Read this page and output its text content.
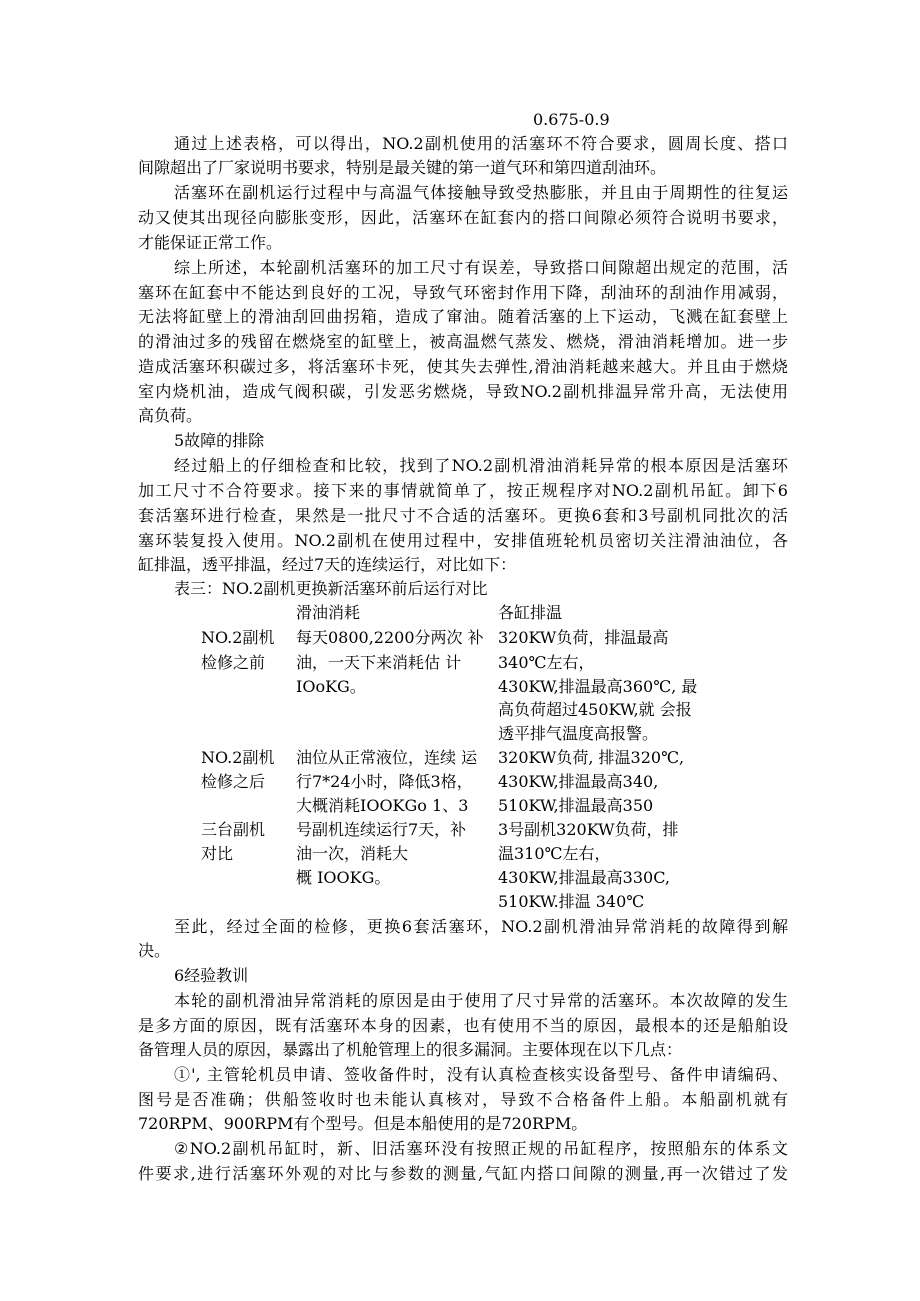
0.675-0.9
通过上述表格，可以得出，NO.2副机使用的活塞环不符合要求，圆周长度、搭口
间隙超出了厂家说明书要求，特别是最关键的第一道气环和第四道刮油环。
活塞环在副机运行过程中与高温气体接触导致受热膨胀，并且由于周期性的往复运
动又使其出现径向膨胀变形，因此，活塞环在缸套内的搭口间隙必须符合说明书要求，
才能保证正常工作。
综上所述，本轮副机活塞环的加工尺寸有误差，导致搭口间隙超出规定的范围，活
塞环在缸套中不能达到良好的工况，导致气环密封作用下降，刮油环的刮油作用减弱，
无法将缸壁上的滑油刮回曲拐箱，造成了窜油。随着活塞的上下运动，飞溅在缸套壁上
的滑油过多的残留在燃烧室的缸壁上，被高温燃气蒸发、燃烧，滑油消耗增加。进一步
造成活塞环积碳过多，将活塞环卡死，使其失去弹性,滑油消耗越来越大。并且由于燃烧
室内烧机油，造成气阀积碳，引发恶劣燃烧，导致NO.2副机排温异常升高，无法使用
高负荷。
5故障的排除
经过船上的仔细检查和比较，找到了NO.2副机滑油消耗异常的根本原因是活塞环
加工尺寸不合符要求。接下来的事情就简单了，按正规程序对NO.2副机吊缸。卸下6
套活塞环进行检查，果然是一批尺寸不合适的活塞环。更换6套和3号副机同批次的活
塞环装复投入使用。NO.2副机在使用过程中，安排值班轮机员密切关注滑油油位，各
缸排温，透平排温，经过7天的连续运行，对比如下：
表三：NO.2副机更换新活塞环前后运行对比
滑油消耗	各缸排温
NO.2副机
检修之前
NO.2副机
检修之后
三台副机
对比
每天0800,2200分两次 补
油，一天下来消耗估 计
IOoKG。
油位从正常液位，连续 运
行7*24小时，降低3格，
大概消耗IOOKGo 1、3
号副机连续运行7天，补
油一次，消耗大
概 IOOKG。
320KW负荷，排温最高
340℃左右，
430KW,排温最高360℃, 最
高负荷超过450KW,就 会报
透平排气温度高报警。
320KW负荷, 排温320℃,
430KW,排温最高340,
510KW,排温最高350
3号副机320KW负荷，排
温310℃左右，
430KW,排温最高330C,
510KW.排温 340℃
至此，经过全面的检修，更换6套活塞环，NO.2副机滑油异常消耗的故障得到解
决。
6经验教训
本轮的副机滑油异常消耗的原因是由于使用了尺寸异常的活塞环。本次故障的发生
是多方面的原因，既有活塞环本身的因素，也有使用不当的原因，最根本的还是船舶设
备管理人员的原因，暴露出了机舱管理上的很多漏洞。主要体现在以下几点：
①', 主管轮机员申请、签收备件时，没有认真检查核实设备型号、备件申请编码、
图号是否准确；供船签收时也未能认真核对，导致不合格备件上船。本船副机就有
720RPM、900RPM有个型号。但是本船使用的是720RPM。
②NO.2副机吊缸时，新、旧活塞环没有按照正规的吊缸程序，按照船东的体系文
件要求,进行活塞环外观的对比与参数的测量,气缸内搭口间隙的测量,再一次错过了发
